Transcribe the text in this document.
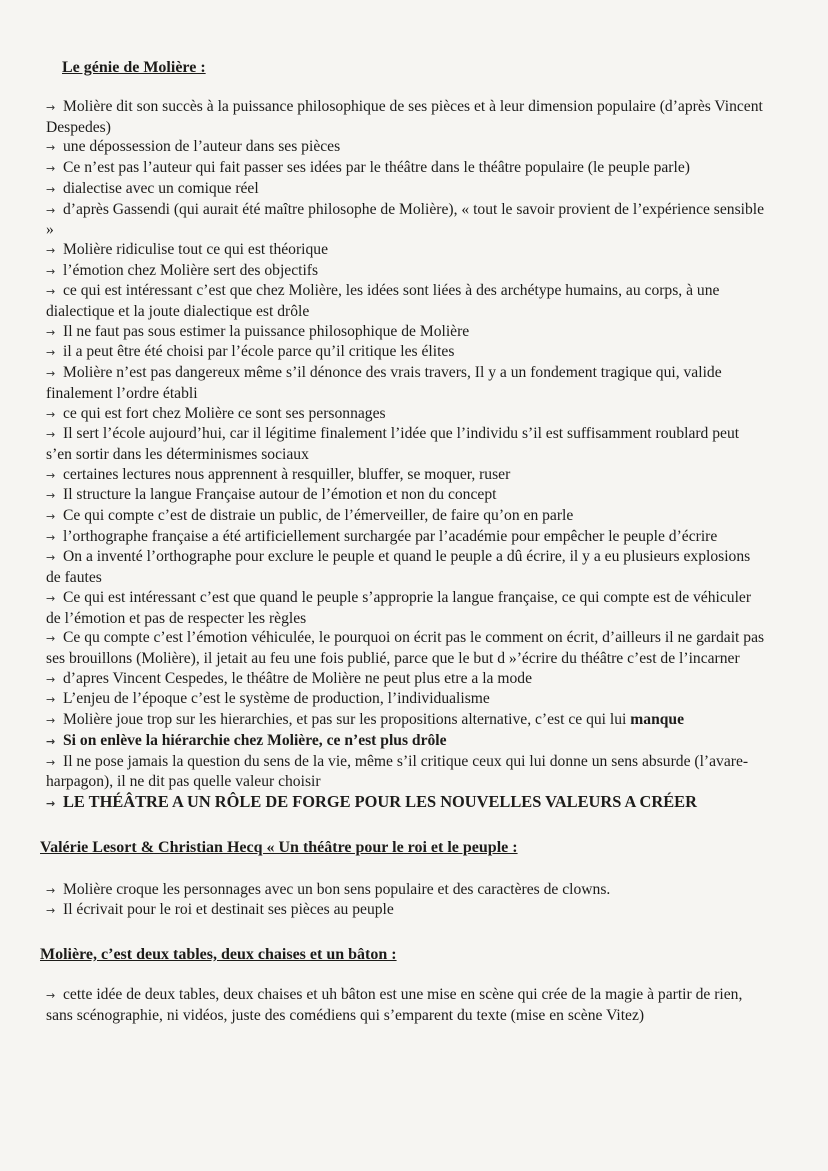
Le génie de Molière :
→ Molière dit son succès à la puissance philosophique de ses pièces et à leur dimension populaire (d’après Vincent Despedes)
→ une dépossession de l’auteur dans ses pièces
→ Ce n’est pas l’auteur qui fait passer ses idées par le théâtre dans le théâtre populaire (le peuple parle)
→ dialectise avec un comique réel
→ d’après Gassendi (qui aurait été maître philosophe de Molière), « tout le savoir provient de l’expérience sensible »
→ Molière ridiculise tout ce qui est théorique
→ l’émotion chez Molière sert des objectifs
→ ce qui est intéressant c’est que chez Molière, les idées sont liées à des archétype humains, au corps, à une dialectique et la joute dialectique est drôle
→ Il ne faut pas sous estimer la puissance philosophique de Molière
→ il a peut être été choisi par l’école parce qu’il critique les élites
→ Molière n’est pas dangereux même s’il dénonce des vrais travers, Il y a un fondement tragique qui, valide finalement l’ordre établi
→ ce qui est fort chez Molière ce sont ses personnages
→ Il sert l’école aujourd’hui, car il légitime finalement l’idée que l’individu s’il est suffisamment roublard peut s’en sortir dans les déterminismes sociaux
→ certaines lectures nous apprennent à resquiller, bluffer, se moquer, ruser
→ Il structure la langue Française autour de l’émotion et non du concept
→ Ce qui compte c’est de distraie un public, de l’émerveiller, de faire qu’on en parle
→ l’orthographe française a été artificiellement surchargée par l’académie pour empêcher le peuple d’écrire
→ On a inventé l’orthographe pour exclure le peuple et quand le peuple a dû écrire, il y a eu plusieurs explosions de fautes
→ Ce qui est intéressant c’est que quand le peuple s’approprie la langue française, ce qui compte est de véhiculer de l’émotion et pas de respecter les règles
→ Ce qu compte c’est l’émotion véhiculée, le pourquoi on écrit pas le comment on écrit, d’ailleurs il ne gardait pas ses brouillons (Molière), il jetait au feu une fois publié, parce que le but d »’écrire du théâtre c’est de l’incarner
→ d’apres Vincent Cespedes, le théâtre de Molière ne peut plus etre a la mode
→ L’enjeu de l’époque c’est le système de production, l’individualisme
→ Molière joue trop sur les hierarchies, et pas sur les propositions alternative, c’est ce qui lui manque
→ Si on enlève la hiérarchie chez Molière, ce n’est plus drôle
→ Il ne pose jamais la question du sens de la vie, même s’il critique ceux qui lui donne un sens absurde (l’avare-harpagon), il ne dit pas quelle valeur choisir
→ LE THÉÂTRE A UN RÔLE DE FORGE POUR LES NOUVELLES VALEURS A CRÉER
Valérie Lesort & Christian Hecq « Un théâtre pour le roi et le peuple :
→ Molière croque les personnages avec un bon sens populaire et des caractères de clowns.
→ Il écrivait pour le roi et destinait ses pièces au peuple
Molière, c’est deux tables, deux chaises et un bâton :
→ cette idée de deux tables, deux chaises et uh bâton est une mise en scène qui crée de la magie à partir de rien, sans scénographie, ni vidéos, juste des comédiens qui s’emparent du texte (mise en scène Vitez)
